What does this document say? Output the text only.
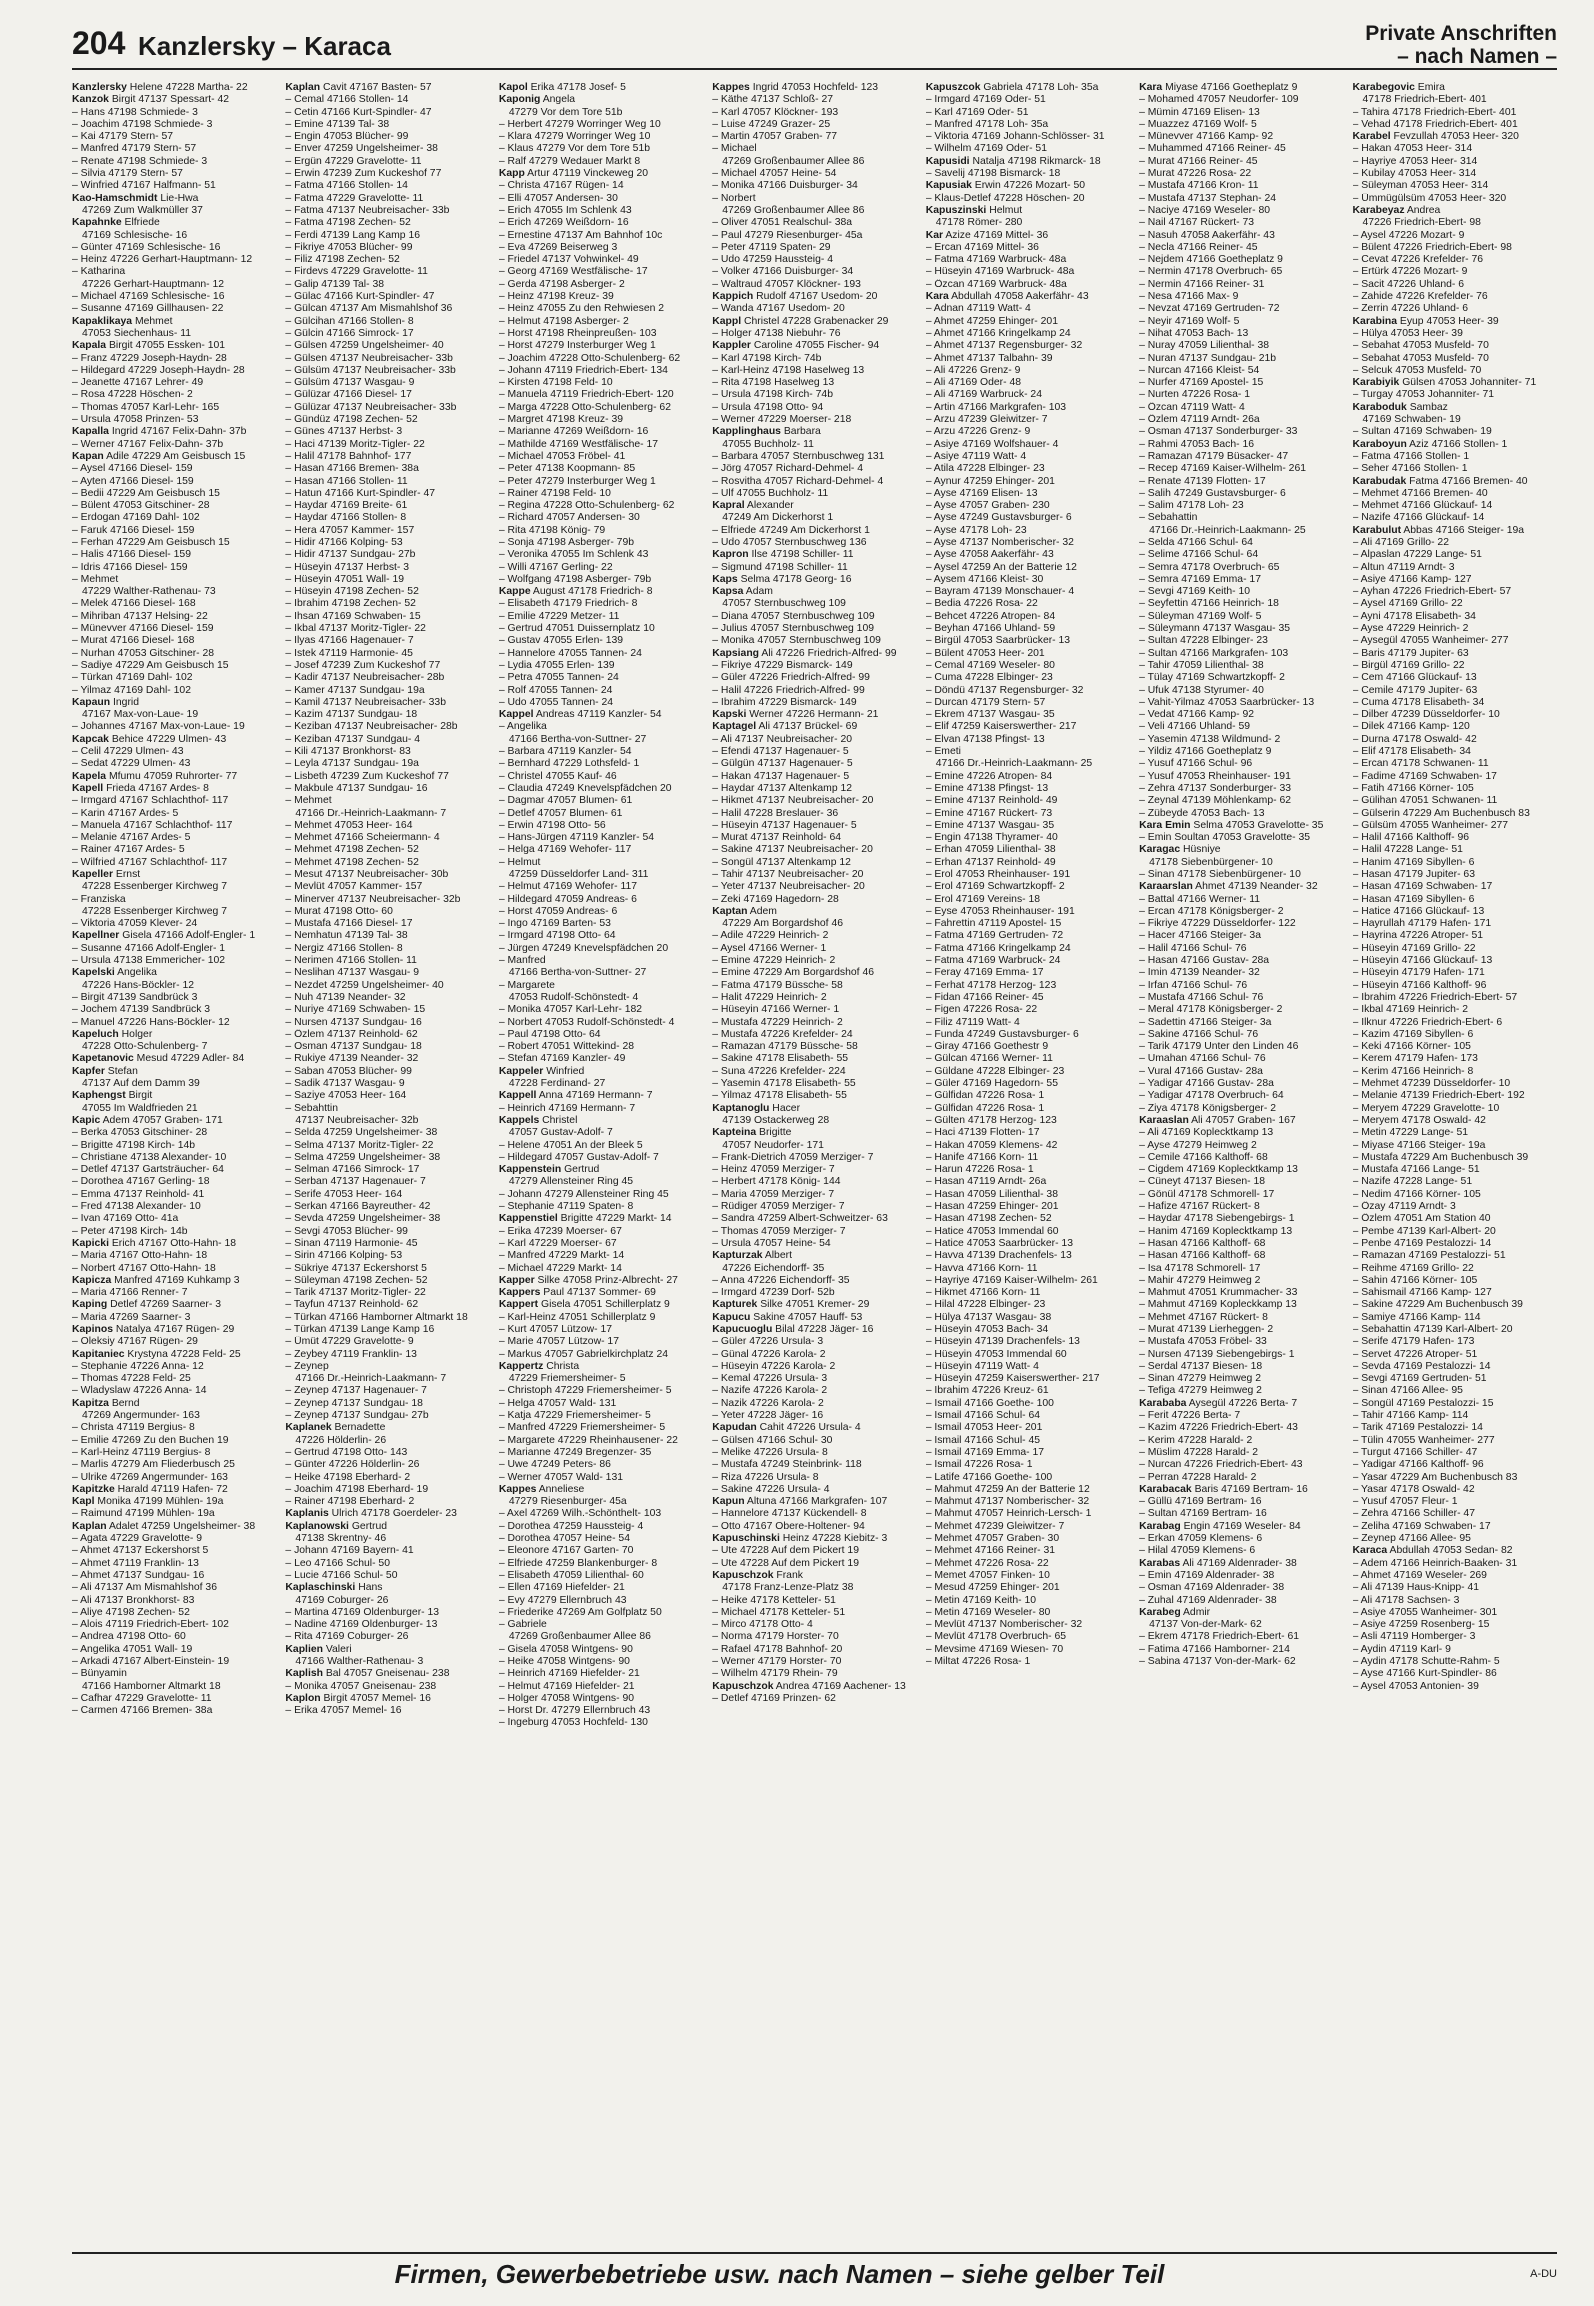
204 Kanzlersky – Karaca	Private Anschriften
– nach Namen –
Kanzlersky Helene 47228 Martha- 22
Kanzok Birgit 47137 Spessart- 42
– Hans 47198 Schmiede- 3
– Joachim 47198 Schmiede- 3
– Kai 47179 Stern- 57
– Manfred 47179 Stern- 57
– Renate 47198 Schmiede- 3
– Silvia 47179 Stern- 57
– Winfried 47167 Halfmann- 51
Kao-Hamschmidt Lie-Hwa
47269 Zum Walkmüller 37
Kapahnke Elfriede
47169 Schlesische- 16
– Günter 47169 Schlesische- 16
– Heinz 47226 Gerhart-Hauptmann- 12
– Katharina
47226 Gerhart-Hauptmann- 12
– Michael 47169 Schlesische- 16
– Susanne 47169 Gillhausen- 22
Kapaklikaya Mehmet
47053 Siechenhaus- 11
Kapala Birgit 47055 Essken- 101
– Franz 47229 Joseph-Haydn- 28
– Hildegard 47229 Joseph-Haydn- 28
– Jeanette 47167 Lehrer- 49
– Rosa 47228 Höschen- 2
– Thomas 47057 Karl-Lehr- 165
– Ursula 47058 Prinzen- 53
Kapalla Ingrid 47167 Felix-Dahn- 37b
– Werner 47167 Felix-Dahn- 37b
Kapan Adile 47229 Am Geisbusch 15
– Aysel 47166 Diesel- 159
– Ayten 47166 Diesel- 159
– Bedii 47229 Am Geisbusch 15
– Bülent 47053 Gitschiner- 28
– Erdogan 47169 Dahl- 102
– Faruk 47166 Diesel- 159
– Ferhan 47229 Am Geisbusch 15
– Halis 47166 Diesel- 159
– Idris 47166 Diesel- 159
– Mehmet
47229 Walther-Rathenau- 73
– Melek 47166 Diesel- 168
– Mihriban 47137 Helsing- 22
– Münevver 47166 Diesel- 159
– Murat 47166 Diesel- 168
– Nurhan 47053 Gitschiner- 28
– Sadiye 47229 Am Geisbusch 15
– Türkan 47169 Dahl- 102
– Yilmaz 47169 Dahl- 102
Kapaun Ingrid
47167 Max-von-Laue- 19
– Johannes 47167 Max-von-Laue- 19
Kapcak Behice 47229 Ulmen- 43
– Celil 47229 Ulmen- 43
– Sedat 47229 Ulmen- 43
Kapela Mfumu 47059 Ruhrorter- 77
Kapell Frieda 47167 Ardes- 8
– Irmgard 47167 Schlachthof- 117
– Karin 47167 Ardes- 5
– Manuela 47167 Schlachthof- 117
– Melanie 47167 Ardes- 5
– Rainer 47167 Ardes- 5
– Wilfried 47167 Schlachthof- 117
Kapeller Ernst
47228 Essenberger Kirchweg 7
– Franziska
47228 Essenberger Kirchweg 7
– Viktoria 47059 Klever- 24
Kapellner Gisela 47166 Adolf-Engler- 1
– Susanne 47166 Adolf-Engler- 1
– Ursula 47138 Emmericher- 102
Kapelski Angelika
47226 Hans-Böckler- 12
– Birgit 47139 Sandbrück 3
– Jochem 47139 Sandbrück 3
– Manuel 47226 Hans-Böckler- 12
Kapeluch Holger
47228 Otto-Schulenberg- 7
Kapetanovic Mesud 47229 Adler- 84
Kapfer Stefan
47137 Auf dem Damm 39
Kaphengst Birgit
47055 Im Waldfrieden 21
Kapic Adem 47057 Graben- 171
– Berka 47053 Gitschiner- 28
– Brigitte 47198 Kirch- 14b
– Christiane 47138 Alexander- 10
– Detlef 47137 Gartsträucher- 64
– Dorothea 47167 Gerling- 18
– Emma 47137 Reinhold- 41
– Fred 47138 Alexander- 10
– Ivan 47169 Otto- 41a
– Peter 47198 Kirch- 14b
Kapicki Erich 47167 Otto-Hahn- 18
– Maria 47167 Otto-Hahn- 18
– Norbert 47167 Otto-Hahn- 18
Kapicza Manfred 47169 Kuhkamp 3
– Maria 47166 Renner- 7
Kaping Detlef 47269 Saarner- 3
– Maria 47269 Saarner- 3
Kapinos Natalya 47167 Rügen- 29
– Oleksiy 47167 Rügen- 29
Kapitaniec Krystyna 47228 Feld- 25
– Stephanie 47226 Anna- 12
– Thomas 47228 Feld- 25
– Wladyslaw 47226 Anna- 14
Kapitza Bernd
47269 Angermunder- 163
– Christa 47119 Bergius- 8
– Emilie 47269 Zu den Buchen 19
– Karl-Heinz 47119 Bergius- 8
– Marlis 47279 Am Fliederbusch 25
– Ulrike 47269 Angermunder- 163
Kapitzke Harald 47119 Hafen- 72
Kapl Monika 47199 Mühlen- 19a
– Raimund 47199 Mühlen- 19a
Kaplan Adalet 47259 Ungelsheimer- 38
– Agata 47229 Gravelotte- 9
– Ahmet 47137 Eckershorst 5
– Ahmet 47119 Franklin- 13
– Ahmet 47137 Sundgau- 16
– Ali 47137 Am Mismahlshof 36
– Ali 47137 Bronkhorst- 83
– Aliye 47198 Zechen- 52
– Alois 47119 Friedrich-Ebert- 102
– Andrea 47198 Otto- 60
– Angelika 47051 Wall- 19
– Arkadi 47167 Albert-Einstein- 19
– Bünyamin
47166 Hamborner Altmarkt 18
– Cafhar 47229 Gravelotte- 11
– Carmen 47166 Bremen- 38a
Kaplan Cavit 47167 Basten- 57
– Cemal 47166 Stollen- 14
– Cetin 47166 Kurt-Spindler- 47
– Emine 47139 Tal- 38
– Engin 47053 Blücher- 99
– Enver 47259 Ungelsheimer- 38
– Ergün 47229 Gravelotte- 11
– Erwin 47239 Zum Kuckeshof 77
– Fatma 47166 Stollen- 14
– Fatma 47229 Gravelotte- 11
– Fatma 47137 Neubreisacher- 33b
– Fatma 47198 Zechen- 52
– Ferdi 47139 Lang Kamp 16
– Fikriye 47053 Blücher- 99
– Filiz 47198 Zechen- 52
– Firdevs 47229 Gravelotte- 11
– Galip 47139 Tal- 38
– Gülac 47166 Kurt-Spindler- 47
– Gülcan 47137 Am Mismahlshof 36
– Gülcihan 47166 Stollen- 8
– Gülcin 47166 Simrock- 17
– Gülsen 47259 Ungelsheimer- 40
– Gülsen 47137 Neubreisacher- 33b
– Gülsüm 47137 Neubreisacher- 33b
– Gülsüm 47137 Wasgau- 9
– Gülüzar 47166 Diesel- 17
– Gülüzar 47137 Neubreisacher- 33b
– Gündüz 47198 Zechen- 52
– Günes 47137 Herbst- 3
– Haci 47139 Moritz-Tigler- 22
– Halil 47178 Bahnhof- 177
– Hasan 47166 Bremen- 38a
– Hasan 47166 Stollen- 11
– Hatun 47166 Kurt-Spindler- 47
– Haydar 47169 Breite- 61
– Haydar 47166 Stollen- 8
– Hera 47057 Kammer- 157
– Hidir 47166 Kolping- 53
– Hidir 47137 Sundgau- 27b
– Hüseyin 47137 Herbst- 3
– Hüseyin 47051 Wall- 19
– Hüseyin 47198 Zechen- 52
– Ibrahim 47198 Zechen- 52
– Ihsan 47169 Schwaben- 15
– Ikbal 47137 Moritz-Tigler- 22
– Ilyas 47166 Hagenauer- 7
– Istek 47119 Harmonie- 45
– Josef 47239 Zum Kuckeshof 77
– Kadir 47137 Neubreisacher- 28b
– Kamer 47137 Sundgau- 19a
– Kamil 47137 Neubreisacher- 33b
– Kazim 47137 Sundgau- 18
– Keziban 47137 Neubreisacher- 28b
– Keziban 47137 Sundgau- 4
– Kili 47137 Bronkhorst- 83
– Leyla 47137 Sundgau- 19a
– Lisbeth 47239 Zum Kuckeshof 77
– Makbule 47137 Sundgau- 16
– Mehmet
47166 Dr.-Heinrich-Laakmann- 7
– Mehmet 47053 Heer- 164
– Mehmet 47166 Scheiermann- 4
– Mehmet 47198 Zechen- 52
– Mehmet 47198 Zechen- 52
– Mesut 47137 Neubreisacher- 30b
– Mevlüt 47057 Kammer- 157
– Minerver 47137 Neubreisacher- 32b
– Murat 47198 Otto- 60
– Mustafa 47166 Diesel- 17
– Nemhatun 47139 Tal- 38
– Nergiz 47166 Stollen- 8
– Nerimen 47166 Stollen- 11
– Neslihan 47137 Wasgau- 9
– Nezdet 47259 Ungelsheimer- 40
– Nuh 47139 Neander- 32
– Nuriye 47169 Schwaben- 15
– Nursen 47137 Sundgau- 16
– Özlem 47137 Reinhold- 62
– Osman 47137 Sundgau- 18
– Rukiye 47139 Neander- 32
– Saban 47053 Blücher- 99
– Sadik 47137 Wasgau- 9
– Saziye 47053 Heer- 164
– Sebahttin
47137 Neubreisacher- 32b
– Selda 47259 Ungelsheimer- 38
– Selma 47137 Moritz-Tigler- 22
– Selma 47259 Ungelsheimer- 38
– Selman 47166 Simrock- 17
– Serban 47137 Hagenauer- 7
– Serife 47053 Heer- 164
– Serkan 47166 Bayreuther- 42
– Sevda 47259 Ungelsheimer- 38
– Sevgi 47053 Blücher- 99
– Sinan 47119 Harmonie- 45
– Sirin 47166 Kolping- 53
– Sükriye 47137 Eckershorst 5
– Süleyman 47198 Zechen- 52
– Tarik 47137 Moritz-Tigler- 22
– Tayfun 47137 Reinhold- 62
– Türkan 47166 Hamborner Altmarkt 18
– Türkan 47139 Lange Kamp 16
– Ümüt 47229 Gravelotte- 9
– Zeybey 47119 Franklin- 13
– Zeynep
47166 Dr.-Heinrich-Laakmann- 7
– Zeynep 47137 Hagenauer- 7
– Zeynep 47137 Sundgau- 18
– Zeynep 47137 Sundgau- 27b
Kaplanek Bernadette
47226 Hölderlin- 26
– Gertrud 47198 Otto- 143
– Günter 47226 Hölderlin- 26
– Heike 47198 Eberhard- 2
– Joachim 47198 Eberhard- 19
– Rainer 47198 Eberhard- 2
Kaplanis Ulrich 47178 Goerdeler- 23
Kaplanowski Gertrud
47138 Skrentny- 46
– Johann 47169 Bayern- 41
– Leo 47166 Schul- 50
– Lucie 47166 Schul- 50
Kaplaschinski Hans
47169 Coburger- 26
– Martina 47169 Oldenburger- 13
– Nadine 47169 Oldenburger- 13
– Rita 47169 Coburger- 26
Kaplien Valeri
47166 Walther-Rathenau- 3
Kaplish Bal 47057 Gneisenau- 238
– Monika 47057 Gneisenau- 238
Kaplon Birgit 47057 Memel- 16
– Erika 47057 Memel- 16
Kapol Erika 47178 Josef- 5
Kaponig Angela
47279 Vor dem Tore 51b
– Herbert 47279 Worringer Weg 10
– Klara 47279 Worringer Weg 10
– Klaus 47279 Vor dem Tore 51b
– Ralf 47279 Wedauer Markt 8
Kapp Artur 47119 Vinckeweg 20
– Christa 47167 Rügen- 14
– Elli 47057 Andersen- 30
– Erich 47055 Im Schlenk 43
– Erich 47269 Weißdorn- 16
– Ernestine 47137 Am Bahnhof 10c
– Eva 47269 Beiserweg 3
– Friedel 47137 Vohwinkel- 49
– Georg 47169 Westfälische- 17
– Gerda 47198 Asberger- 2
– Heinz 47198 Kreuz- 39
– Heinz 47055 Zu den Rehwiesen 2
– Helmut 47198 Asberger- 2
– Horst 47198 Rheinpreußen- 103
– Horst 47279 Insterburger Weg 1
– Joachim 47228 Otto-Schulenberg- 62
– Johann 47119 Friedrich-Ebert- 134
– Kirsten 47198 Feld- 10
– Manuela 47119 Friedrich-Ebert- 120
– Marga 47228 Otto-Schulenberg- 62
– Margret 47198 Kreuz- 39
– Marianne 47269 Weißdorn- 16
– Mathilde 47169 Westfälische- 17
– Michael 47053 Fröbel- 41
– Peter 47138 Koopmann- 85
– Peter 47279 Insterburger Weg 1
– Rainer 47198 Feld- 10
– Regina 47228 Otto-Schulenberg- 62
– Richard 47057 Andersen- 30
– Rita 47198 König- 79
– Sonja 47198 Asberger- 79b
– Veronika 47055 Im Schlenk 43
– Willi 47167 Gerling- 22
– Wolfgang 47198 Asberger- 79b
Kappe August 47178 Friedrich- 8
– Elisabeth 47179 Friedrich- 8
– Emilie 47229 Metzer- 11
– Gertrud 47051 Duissernplatz 10
– Gustav 47055 Erlen- 139
– Hannelore 47055 Tannen- 24
– Lydia 47055 Erlen- 139
– Petra 47055 Tannen- 24
– Rolf 47055 Tannen- 24
– Udo 47055 Tannen- 24
Kappel Andreas 47119 Kanzler- 54
– Angelika
47166 Bertha-von-Suttner- 27
– Barbara 47119 Kanzler- 54
– Bernhard 47229 Lothsfeld- 1
– Christel 47055 Kauf- 46
– Claudia 47249 Knevelspfädchen 20
– Dagmar 47057 Blumen- 61
– Detlef 47057 Blumen- 61
– Erwin 47198 Otto- 56
– Hans-Jürgen 47119 Kanzler- 54
– Helga 47169 Wehofer- 117
– Helmut
47259 Düsseldorfer Land- 311
– Helmut 47169 Wehofer- 117
– Hildegard 47059 Andreas- 6
– Horst 47059 Andreas- 6
– Ingo 47169 Barten- 53
– Irmgard 47198 Otto- 64
– Jürgen 47249 Knevelspfädchen 20
– Manfred
47166 Bertha-von-Suttner- 27
– Margarete
47053 Rudolf-Schönstedt- 4
– Monika 47057 Karl-Lehr- 182
– Norbert 47053 Rudolf-Schönstedt- 4
– Paul 47198 Otto- 64
– Robert 47051 Wittekind- 28
– Stefan 47169 Kanzler- 49
Kappeler Winfried
47228 Ferdinand- 27
Kappell Anna 47169 Hermann- 7
– Heinrich 47169 Hermann- 7
Kappels Christel
47057 Gustav-Adolf- 7
– Helene 47051 An der Bleek 5
– Hildegard 47057 Gustav-Adolf- 7
Kappenstein Gertrud
47279 Allensteiner Ring 45
– Johann 47279 Allensteiner Ring 45
– Stephanie 47119 Spaten- 8
Kappenstiel Brigitte 47229 Markt- 14
– Erika 47239 Moerser- 67
– Karl 47229 Moerser- 67
– Manfred 47229 Markt- 14
– Michael 47229 Markt- 14
Kapper Silke 47058 Prinz-Albrecht- 27
Kappers Paul 47137 Sommer- 69
Kappert Gisela 47051 Schillerplatz 9
– Karl-Heinz 47051 Schillerplatz 9
– Kurt 47057 Lützow- 17
– Marie 47057 Lützow- 17
– Markus 47057 Gabrielkirchplatz 24
Kappertz Christa
47229 Friemersheimer- 5
– Christoph 47229 Friemersheimer- 5
– Helga 47057 Wald- 131
– Katja 47229 Friemersheimer- 5
– Manfred 47229 Friemersheimer- 5
– Margarete 47229 Rheinhausener- 22
– Marianne 47249 Bregenzer- 35
– Uwe 47249 Peters- 86
– Werner 47057 Wald- 131
Kappes Anneliese
47279 Riesenburger- 45a
– Axel 47269 Wilh.-Schönthelt- 103
– Dorothea 47259 Haussteig- 4
– Dorothea 47057 Heine- 54
– Eleonore 47167 Garten- 70
– Elfriede 47259 Blankenburger- 8
– Elisabeth 47059 Lilienthal- 60
– Ellen 47169 Hiefelder- 21
– Evy 47279 Ellernbruch 43
– Friederike 47269 Am Golfplatz 50
– Gabriele
47269 Großenbaumer Allee 86
– Gisela 47058 Wintgens- 90
– Heike 47058 Wintgens- 90
– Heinrich 47169 Hiefelder- 21
– Helmut 47169 Hiefelder- 21
– Holger 47058 Wintgens- 90
– Horst Dr. 47279 Ellernbruch 43
– Ingeburg 47053 Hochfeld- 130
Kappes Ingrid 47053 Hochfeld- 123
– Käthe 47137 Schloß- 27
– Karl 47057 Klöckner- 193
– Luise 47249 Grazer- 25
– Martin 47057 Graben- 77
– Michael
47269 Großenbaumer Allee 86
– Michael 47057 Heine- 54
– Monika 47166 Duisburger- 34
– Norbert
47269 Großenbaumer Allee 86
– Oliver 47051 Realschul- 38a
– Paul 47279 Riesenburger- 45a
– Peter 47119 Spaten- 29
– Udo 47259 Haussteig- 4
– Volker 47166 Duisburger- 34
– Waltraud 47057 Klöckner- 193
Kappich Rudolf 47167 Usedom- 20
– Wanda 47167 Usedom- 20
Kappl Christel 47228 Grabenacker 29
– Holger 47138 Niebuhr- 76
Kappler Caroline 47055 Fischer- 94
– Karl 47198 Kirch- 74b
– Karl-Heinz 47198 Haselweg 13
– Rita 47198 Haselweg 13
– Ursula 47198 Kirch- 74b
– Ursula 47198 Otto- 94
– Werner 47229 Moerser- 218
Kapplinghaus Barbara
47055 Buchholz- 11
– Barbara 47057 Sternbuschweg 131
– Jörg 47057 Richard-Dehmel- 4
– Rosvitha 47057 Richard-Dehmel- 4
– Ulf 47055 Buchholz- 11
Kapral Alexander
47249 Am Dickerhorst 1
– Elfriede 47249 Am Dickerhorst 1
– Udo 47057 Sternbuschweg 136
Kapron Ilse 47198 Schiller- 11
– Sigmund 47198 Schiller- 11
Kaps Selma 47178 Georg- 16
Kapsa Adam
47057 Sternbuschweg 109
– Diana 47057 Sternbuschweg 109
– Julius 47057 Sternbuschweg 109
– Monika 47057 Sternbuschweg 109
Kapsiang Ali 47226 Friedrich-Alfred- 99
– Fikriye 47229 Bismarck- 149
– Güler 47226 Friedrich-Alfred- 99
– Halil 47226 Friedrich-Alfred- 99
– Ibrahim 47229 Bismarck- 149
Kapski Werner 47226 Hermann- 21
Kaptagel Ali 47137 Brückel- 69
– Ali 47137 Neubreisacher- 20
– Efendi 47137 Hagenauer- 5
– Gülgün 47137 Hagenauer- 5
– Hakan 47137 Hagenauer- 5
– Haydar 47137 Altenkamp 12
– Hikmet 47137 Neubreisacher- 20
– Halil 47228 Breslauer- 36
– Hüseyin 47137 Hagenauer- 5
– Murat 47137 Reinhold- 64
– Sakine 47137 Neubreisacher- 20
– Songül 47137 Altenkamp 12
– Tahir 47137 Neubreisacher- 20
– Yeter 47137 Neubreisacher- 20
– Zeki 47169 Hagedorn- 28
Kaptan Adem
47229 Am Borgardshof 46
– Adile 47229 Heinrich- 2
– Aysel 47166 Werner- 1
– Emine 47229 Heinrich- 2
– Emine 47229 Am Borgardshof 46
– Fatma 47179 Büssche- 58
– Halit 47229 Heinrich- 2
– Hüseyin 47166 Werner- 1
– Mustafa 47229 Heinrich- 2
– Mustafa 47226 Krefelder- 24
– Ramazan 47179 Büssche- 58
– Sakine 47178 Elisabeth- 55
– Suna 47226 Krefelder- 224
– Yasemin 47178 Elisabeth- 55
– Yilmaz 47178 Elisabeth- 55
Kaptanoglu Hacer
47139 Ostackerweg 28
Kapteina Brigitte
47057 Neudorfer- 171
– Frank-Dietrich 47059 Merziger- 7
– Heinz 47059 Merziger- 7
– Herbert 47178 König- 144
– Maria 47059 Merziger- 7
– Rüdiger 47059 Merziger- 7
– Sandra 47259 Albert-Schweitzer- 63
– Thomas 47059 Merziger- 7
– Ursula 47057 Heine- 54
Kapturzak Albert
47226 Eichendorff- 35
– Anna 47226 Eichendorff- 35
– Irmgard 47239 Dorf- 52b
Kapturek Silke 47051 Kremer- 29
Kapucu Sakine 47057 Hauff- 53
Kapucuoglu Bilal 47228 Jäger- 16
– Güler 47226 Ursula- 3
– Günal 47226 Karola- 2
– Hüseyin 47226 Karola- 2
– Kemal 47226 Ursula- 3
– Nazife 47226 Karola- 2
– Nazik 47226 Karola- 2
– Yeter 47228 Jäger- 16
Kapudan Cahit 47226 Ursula- 4
– Gülsen 47166 Schul- 30
– Melike 47226 Ursula- 8
– Mustafa 47249 Steinbrink- 118
– Riza 47226 Ursula- 8
– Sakine 47226 Ursula- 4
Kapun Altuna 47166 Markgrafen- 107
– Hannelore 47137 Kückendell- 8
– Otto 47167 Obere-Holtener- 94
Kapuschinski Heinz 47228 Kiebitz- 3
– Ute 47228 Auf dem Pickert 19
– Ute 47228 Auf dem Pickert 19
Kapuschzok Frank
47178 Franz-Lenze-Platz 38
– Heike 47178 Ketteler- 51
– Michael 47178 Ketteler- 51
– Mirco 47178 Otto- 4
– Norma 47179 Horster- 70
– Rafael 47178 Bahnhof- 20
– Werner 47179 Horster- 70
– Wilhelm 47179 Rhein- 79
Kapuschzok Andrea 47169 Aachener- 13
– Detlef 47169 Prinzen- 62
Kapuszcok Gabriela 47178 Loh- 35a
– Irmgard 47169 Oder- 51
– Karl 47169 Oder- 51
– Manfred 47178 Loh- 35a
– Viktoria 47169 Johann-Schlösser- 31
– Wilhelm 47169 Oder- 51
Kapusidi Natalja 47198 Rikmarck- 18
– Savelij 47198 Bismarck- 18
Kapusiak Erwin 47226 Mozart- 50
– Klaus-Detlef 47228 Höschen- 20
Kapuszinski Helmut
47178 Römer- 280
Kar Azize 47169 Mittel- 36
– Ercan 47169 Mittel- 36
– Fatma 47169 Warbruck- 48a
– Hüseyin 47169 Warbruck- 48a
– Özcan 47169 Warbruck- 48a
Kara Abdullah 47058 Aakerfähr- 43
– Adnan 47119 Watt- 4
– Ahmet 47259 Ehinger- 201
– Ahmet 47166 Kringelkamp 24
– Ahmet 47137 Regensburger- 32
– Ahmet 47137 Talbahn- 39
– Ali 47226 Grenz- 9
– Ali 47169 Oder- 48
– Ali 47169 Warbruck- 24
– Artin 47166 Markgrafen- 103
– Arzu 47239 Gleiwitzer- 7
– Arzu 47226 Grenz- 9
– Asiye 47169 Wolfshauer- 4
– Asiye 47119 Watt- 4
– Atila 47228 Elbinger- 23
– Aynur 47259 Ehinger- 201
– Ayse 47169 Elisen- 13
– Ayse 47057 Graben- 230
– Ayse 47249 Gustavsburger- 6
– Ayse 47178 Loh- 23
– Ayse 47137 Nomberischer- 32
– Ayse 47058 Aakerfähr- 43
– Aysel 47259 An der Batterie 12
– Aysem 47166 Kleist- 30
– Bayram 47139 Monschauer- 4
– Bedia 47226 Rosa- 22
– Behcet 47226 Atropen- 84
– Beyhan 47166 Uhland- 59
– Birgül 47053 Saarbrücker- 13
– Bülent 47053 Heer- 201
– Cemal 47169 Weseler- 80
– Cuma 47228 Elbinger- 23
– Döndü 47137 Regensburger- 32
– Durcan 47179 Stern- 57
– Ekrem 47137 Wasgau- 35
– Elif 47259 Kaiserswerther- 217
– Elvan 47138 Pfingst- 13
– Emeti
47166 Dr.-Heinrich-Laakmann- 25
– Emine 47226 Atropen- 84
– Emine 47138 Pfingst- 13
– Emine 47137 Reinhold- 49
– Emine 47167 Rückert- 73
– Emine 47137 Wasgau- 35
– Engin 47138 Thyramer- 40
– Erhan 47059 Lilienthal- 38
– Erhan 47137 Reinhold- 49
– Erol 47053 Rheinhauser- 191
– Erol 47169 Schwartzkopff- 2
– Erol 47169 Vereins- 18
– Eyse 47053 Rheinhauser- 191
– Fahrettin 47119 Apostel- 15
– Fatma 47169 Gertruden- 72
– Fatma 47166 Kringelkamp 24
– Fatma 47169 Warbruck- 24
– Feray 47169 Emma- 17
– Ferhat 47178 Herzog- 123
– Fidan 47166 Reiner- 45
– Figen 47226 Rosa- 22
– Filiz 47119 Watt- 4
– Funda 47249 Gustavsburger- 6
– Giray 47166 Goethestr 9
– Gülcan 47166 Werner- 11
– Güldane 47228 Elbinger- 23
– Güler 47169 Hagedorn- 55
– Gülfidan 47226 Rosa- 1
– Gülfidan 47226 Rosa- 1
– Gülten 47178 Herzog- 123
– Haci 47139 Flotten- 17
– Hakan 47059 Klemens- 42
– Hanife 47166 Korn- 11
– Harun 47226 Rosa- 1
– Hasan 47119 Arndt- 26a
– Hasan 47059 Lilienthal- 38
– Hasan 47259 Ehinger- 201
– Hasan 47198 Zechen- 52
– Hatice 47053 Immendal 60
– Hatice 47053 Saarbrücker- 13
– Havva 47139 Drachenfels- 13
– Havva 47166 Korn- 11
– Hayriye 47169 Kaiser-Wilhelm- 261
– Hikmet 47166 Korn- 11
– Hilal 47228 Elbinger- 23
– Hülya 47137 Wasgau- 38
– Hüseyin 47053 Bach- 34
– Hüseyin 47139 Drachenfels- 13
– Hüseyin 47053 Immendal 60
– Hüseyin 47119 Watt- 4
– Hüseyin 47259 Kaiserswerther- 217
– Ibrahim 47226 Kreuz- 61
– Ismail 47166 Goethe- 100
– Ismail 47166 Schul- 64
– Ismail 47053 Heer- 201
– Ismail 47166 Schul- 45
– Ismail 47169 Emma- 17
– Ismail 47226 Rosa- 1
– Latife 47166 Goethe- 100
– Mahmut 47259 An der Batterie 12
– Mahmut 47137 Nomberischer- 32
– Mahmut 47057 Heinrich-Lersch- 1
– Mehmet 47239 Gleiwitzer- 7
– Mehmet 47057 Graben- 30
– Mehmet 47166 Reiner- 31
– Mehmet 47226 Rosa- 22
– Memet 47057 Finken- 10
– Mesud 47259 Ehinger- 201
– Metin 47169 Keith- 10
– Metin 47169 Weseler- 80
– Mevlüt 47137 Nomberischer- 32
– Mevlüt 47178 Overbruch- 65
– Mevsime 47169 Wiesen- 70
– Miltat 47226 Rosa- 1
Kara Miyase 47166 Goetheplatz 9
– Mohamed 47057 Neudorfer- 109
– Mümin 47169 Elisen- 13
– Muazzez 47169 Wolf- 5
– Münevver 47166 Kamp- 92
– Muhammed 47166 Reiner- 45
– Murat 47166 Reiner- 45
– Murat 47226 Rosa- 22
– Mustafa 47166 Kron- 11
– Mustafa 47137 Stephan- 24
– Naciye 47169 Weseler- 80
– Nail 47167 Rückert- 73
– Nasuh 47058 Aakerfähr- 43
– Necla 47166 Reiner- 45
– Nejdem 47166 Goetheplatz 9
– Nermin 47178 Overbruch- 65
– Nermin 47166 Reiner- 31
– Nesa 47166 Max- 9
– Nevzat 47169 Gertruden- 72
– Neyir 47169 Wolf- 5
– Nihat 47053 Bach- 13
– Nuray 47059 Lilienthal- 38
– Nuran 47137 Sundgau- 21b
– Nurcan 47166 Kleist- 54
– Nurfer 47169 Apostel- 15
– Nurten 47226 Rosa- 1
– Özcan 47119 Watt- 4
– Özlem 47119 Arndt- 26a
– Osman 47137 Sonderburger- 33
– Rahmi 47053 Bach- 16
– Ramazan 47179 Büsacker- 47
– Recep 47169 Kaiser-Wilhelm- 261
– Renate 47139 Flotten- 17
– Salih 47249 Gustavsburger- 6
– Salim 47178 Loh- 23
– Sebahattin
47166 Dr.-Heinrich-Laakmann- 25
– Selda 47166 Schul- 64
– Selime 47166 Schul- 64
– Semra 47178 Overbruch- 65
– Semra 47169 Emma- 17
– Sevgi 47169 Keith- 10
– Seyfettin 47166 Heinrich- 18
– Süleyman 47169 Wolf- 5
– Süleymann 47137 Wasgau- 35
– Sultan 47228 Elbinger- 23
– Sultan 47166 Markgrafen- 103
– Tahir 47059 Lilienthal- 38
– Tülay 47169 Schwartzkopff- 2
– Ufuk 47138 Styrumer- 40
– Vahit-Yilmaz 47053 Saarbrücker- 13
– Vedat 47166 Kamp- 92
– Veli 47166 Uhland- 59
– Yasemin 47138 Wildmund- 2
– Yildiz 47166 Goetheplatz 9
– Yusuf 47166 Schul- 96
– Yusuf 47053 Rheinhauser- 191
– Zehra 47137 Sonderburger- 33
– Zeynal 47139 Möhlenkamp- 62
– Zübeyde 47053 Bach- 13
Kara Emin Selma 47053 Gravelotte- 35
– Emin Soultan 47053 Gravelotte- 35
Karagac Hüsniye
47178 Siebenbürgener- 10
– Sinan 47178 Siebenbürgener- 10
Karaarslan Ahmet 47139 Neander- 32
– Battal 47166 Werner- 11
– Ercan 47178 Königsberger- 2
– Fikriye 47229 Düsseldorfer- 122
– Hacer 47166 Steiger- 3a
– Halil 47166 Schul- 76
– Hasan 47166 Gustav- 28a
– Imin 47139 Neander- 32
– Irfan 47166 Schul- 76
– Mustafa 47166 Schul- 76
– Meral 47178 Königsberger- 2
– Sadettin 47166 Steiger- 3a
– Sakine 47166 Schul- 76
– Tarik 47179 Unter den Linden 46
– Umahan 47166 Schul- 76
– Vural 47166 Gustav- 28a
– Yadigar 47166 Gustav- 28a
– Yadigar 47178 Overbruch- 64
– Ziya 47178 Königsberger- 2
Karaaslan Ali 47057 Graben- 167
– Ali 47169 Koplecktkamp 13
– Ayse 47279 Heimweg 2
– Cemile 47166 Kalthoff- 68
– Cigdem 47169 Koplecktkamp 13
– Cüneyt 47137 Biesen- 18
– Gönül 47178 Schmorell- 17
– Hafize 47167 Rückert- 8
– Haydar 47178 Siebengebirgs- 1
– Hanim 47169 Koplecktkamp 13
– Hasan 47166 Kalthoff- 68
– Hasan 47166 Kalthoff- 68
– Isa 47178 Schmorell- 17
– Mahir 47279 Heimweg 2
– Mahmut 47051 Krummacher- 33
– Mahmut 47169 Kopleckkamp 13
– Mehmet 47167 Rückert- 8
– Murat 47139 Lierheggen- 2
– Mustafa 47053 Fröbel- 33
– Nursen 47139 Siebengebirgs- 1
– Serdal 47137 Biesen- 18
– Sinan 47279 Heimweg 2
– Tefiga 47279 Heimweg 2
Karababa Aysegül 47226 Berta- 7
– Ferit 47226 Berta- 7
– Kazim 47226 Friedrich-Ebert- 43
– Kerim 47228 Harald- 2
– Müslim 47228 Harald- 2
– Nurcan 47226 Friedrich-Ebert- 43
– Perran 47228 Harald- 2
Karabacak Baris 47169 Bertram- 16
– Güllü 47169 Bertram- 16
– Sultan 47169 Bertram- 16
Karabag Engin 47169 Weseler- 84
– Erkan 47059 Klemens- 6
– Hilal 47059 Klemens- 6
Karabas Ali 47169 Aldenrader- 38
– Emin 47169 Aldenrader- 38
– Osman 47169 Aldenrader- 38
– Zuhal 47169 Aldenrader- 38
Karabeg Admir
47137 Von-der-Mark- 62
– Ekrem 47178 Friedrich-Ebert- 61
– Fatima 47166 Hamborner- 214
– Sabina 47137 Von-der-Mark- 62
Karabegovic Emira
47178 Friedrich-Ebert- 401
– Tahira 47178 Friedrich-Ebert- 401
– Vehad 47178 Friedrich-Ebert- 401
Karabel Fevzullah 47053 Heer- 320
– Hakan 47053 Heer- 314
– Hayriye 47053 Heer- 314
– Kubilay 47053 Heer- 314
– Süleyman 47053 Heer- 314
– Ümmügülsüm 47053 Heer- 320
Karabeyaz Andrea
47226 Friedrich-Ebert- 98
– Aysel 47226 Mozart- 9
– Bülent 47226 Friedrich-Ebert- 98
– Cevat 47226 Krefelder- 76
– Ertürk 47226 Mozart- 9
– Sacit 47226 Uhland- 6
– Zahide 47226 Krefelder- 76
– Zerrin 47226 Uhland- 6
Karabina Eyup 47053 Heer- 39
– Hülya 47053 Heer- 39
– Sebahat 47053 Musfeld- 70
– Sebahat 47053 Musfeld- 70
– Selcuk 47053 Musfeld- 70
Karabiyik Gülsen 47053 Johanniter- 71
– Turgay 47053 Johanniter- 71
Karaboduk Sambaz
47169 Schwaben- 19
– Sultan 47169 Schwaben- 19
Karaboyun Aziz 47166 Stollen- 1
– Fatma 47166 Stollen- 1
– Seher 47166 Stollen- 1
Karabudak Fatma 47166 Bremen- 40
– Mehmet 47166 Bremen- 40
– Mehmet 47166 Glückauf- 14
– Nazife 47166 Glückauf- 14
Karabulut Abbas 47166 Steiger- 19a
– Ali 47169 Grillo- 22
– Alpaslan 47229 Lange- 51
– Altun 47119 Arndt- 3
– Asiye 47166 Kamp- 127
– Ayhan 47226 Friedrich-Ebert- 57
– Aysel 47169 Grillo- 22
– Ayni 47178 Elisabeth- 34
– Ayse 47229 Heinrich- 2
– Aysegül 47055 Wanheimer- 277
– Baris 47179 Jupiter- 63
– Birgül 47169 Grillo- 22
– Cem 47166 Glückauf- 13
– Cemile 47179 Jupiter- 63
– Cuma 47178 Elisabeth- 34
– Dilber 47239 Düsseldorfer- 10
– Dilek 47166 Kamp- 120
– Durna 47178 Oswald- 42
– Elif 47178 Elisabeth- 34
– Ercan 47178 Schwanen- 11
– Fadime 47169 Schwaben- 17
– Fatih 47166 Körner- 105
– Gülihan 47051 Schwanen- 11
– Gülserin 47229 Am Buchenbusch 83
– Gülsüm 47055 Wanheimer- 277
– Halil 47166 Kalthoff- 96
– Halil 47228 Lange- 51
– Hanim 47169 Sibyllen- 6
– Hasan 47179 Jupiter- 63
– Hasan 47169 Schwaben- 17
– Hasan 47169 Sibyllen- 6
– Hatice 47166 Glückauf- 13
– Hayrullah 47179 Hafen- 171
– Hayrina 47226 Atroper- 51
– Hüseyin 47169 Grillo- 22
– Hüseyin 47166 Glückauf- 13
– Hüseyin 47179 Hafen- 171
– Hüseyin 47166 Kalthoff- 96
– Ibrahim 47226 Friedrich-Ebert- 57
– Ikbal 47169 Heinrich- 2
– Ilknur 47226 Friedrich-Ebert- 6
– Kazim 47169 Sibyllen- 6
– Keki 47166 Körner- 105
– Kerem 47179 Hafen- 173
– Kerim 47166 Heinrich- 8
– Mehmet 47239 Düsseldorfer- 10
– Melanie 47139 Friedrich-Ebert- 192
– Meryem 47229 Gravelotte- 10
– Meryem 47178 Oswald- 42
– Metin 47229 Lange- 51
– Miyase 47166 Steiger- 19a
– Mustafa 47229 Am Buchenbusch 39
– Mustafa 47166 Lange- 51
– Nazife 47228 Lange- 51
– Nedim 47166 Körner- 105
– Özay 47119 Arndt- 3
– Özlem 47051 Am Station 40
– Pembe 47139 Karl-Albert- 20
– Penbe 47169 Pestalozzi- 14
– Ramazan 47169 Pestalozzi- 51
– Reihme 47169 Grillo- 22
– Sahin 47166 Körner- 105
– Sahismail 47166 Kamp- 127
– Sakine 47229 Am Buchenbusch 39
– Samiye 47166 Kamp- 114
– Sebahattin 47139 Karl-Albert- 20
– Serife 47179 Hafen- 173
– Servet 47226 Atroper- 51
– Sevda 47169 Pestalozzi- 14
– Sevgi 47169 Gertruden- 51
– Sinan 47166 Allee- 95
– Songül 47169 Pestalozzi- 15
– Tahir 47166 Kamp- 114
– Tarik 47169 Pestalozzi- 14
– Tülin 47055 Wanheimer- 277
– Turgut 47166 Schiller- 47
– Yadigar 47166 Kalthoff- 96
– Yasar 47229 Am Buchenbusch 83
– Yasar 47178 Oswald- 42
– Yusuf 47057 Fleur- 1
– Zehra 47166 Schiller- 47
– Zeliha 47169 Schwaben- 17
– Zeynep 47166 Allee- 95
Karaca Abdullah 47053 Sedan- 82
– Adem 47166 Heinrich-Baaken- 31
– Ahmet 47169 Weseler- 269
– Ali 47139 Haus-Knipp- 41
– Ali 47178 Sachsen- 3
– Asiye 47055 Wanheimer- 301
– Asiye 47259 Rosenberg- 15
– Asli 47119 Homberger- 3
– Aydin 47119 Karl- 9
– Aydin 47178 Schutte-Rahm- 5
– Ayse 47166 Kurt-Spindler- 86
– Aysel 47053 Antonien- 39
Firmen, Gewerbebetriebe usw. nach Namen – siehe gelber Teil	A-DU
